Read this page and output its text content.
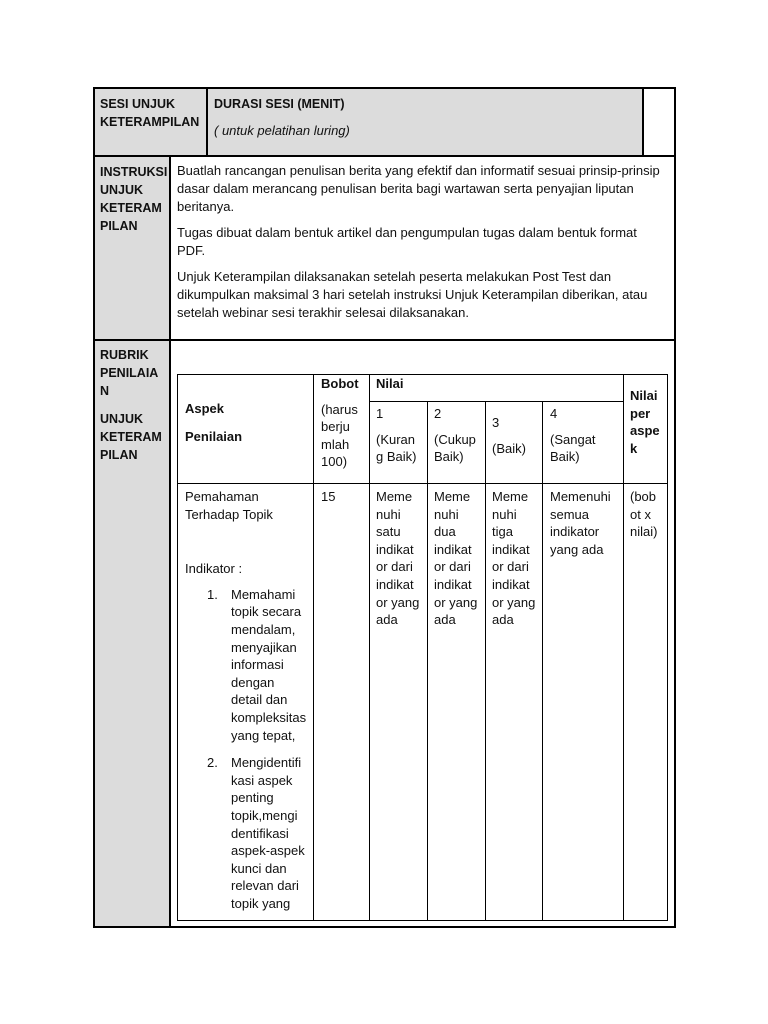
SESI UNJUK
KETERAMPILAN
DURASI SESI (MENIT)
( untuk pelatihan luring)
INSTRUKSI
UNJUK
KETERAM
PILAN

Buatlah rancangan penulisan berita yang efektif dan informatif sesuai prinsip-prinsip dasar dalam merancang penulisan berita bagi wartawan serta penyajian liputan beritanya.

Tugas dibuat dalam bentuk artikel dan pengumpulan tugas dalam bentuk format PDF.

Unjuk Keterampilan dilaksanakan setelah peserta melakukan Post Test dan dikumpulkan maksimal 3 hari setelah instruksi Unjuk Keterampilan diberikan, atau setelah webinar sesi terakhir selesai dilaksanakan.

RUBRIK
PENILAIA
N
UNJUK
KETERAM
PILAN
Aspek
Penilaian
Bobot
(harus
berju
mlah
100)
Nilai
1
(Kuran
g Baik)
2
(Cukup
Baik)
3
(Baik)
4
(Sangat
Baik)
Nilai
per
aspe
k
Pemahaman
Terhadap Topik
Indikator :
1. Memahami
topik secara
mendalam,
menyajikan
informasi
dengan
detail dan
kompleksitas
yang tepat,
2. Mengidentifi
kasi aspek
penting
topik,mengi
dentifikasi
aspek-aspek
kunci dan
relevan dari
topik yang
15	Meme
nuhi
satu
indikat
or dari
indikat
or yang
ada
Meme
nuhi
dua
indikat
or dari
indikat
or yang
ada
Meme
nuhi
tiga
indikat
or dari
indikat
or yang
ada
Memenuhi
semua
indikator
yang ada
(bob
ot x
nilai)
